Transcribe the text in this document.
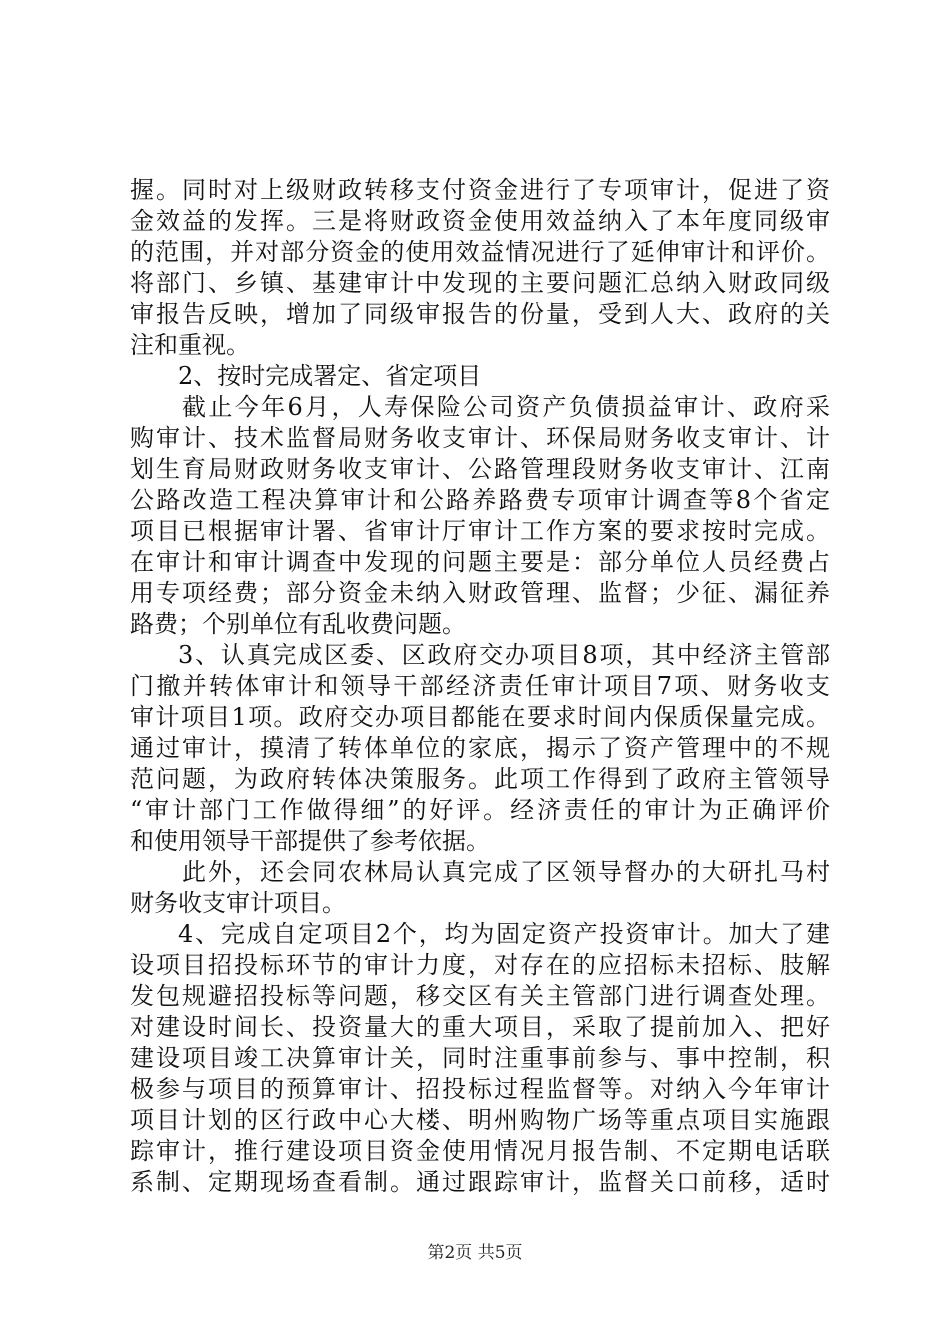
握。同时对上级财政转移支付资金进行了专项审计，促进了资
金效益的发挥。三是将财政资金使用效益纳入了本年度同级审
的范围，并对部分资金的使用效益情况进行了延伸审计和评价。
将部门、乡镇、基建审计中发现的主要问题汇总纳入财政同级
审报告反映，增加了同级审报告的份量，受到人大、政府的关
注和重视。
2、按时完成署定、省定项目
截止今年6月，人寿保险公司资产负债损益审计、政府采
购审计、技术监督局财务收支审计、环保局财务收支审计、计
划生育局财政财务收支审计、公路管理段财务收支审计、江南
公路改造工程决算审计和公路养路费专项审计调查等8个省定
项目已根据审计署、省审计厅审计工作方案的要求按时完成。
在审计和审计调查中发现的问题主要是：部分单位人员经费占
用专项经费；部分资金未纳入财政管理、监督；少征、漏征养
路费；个别单位有乱收费问题。
3、认真完成区委、区政府交办项目8项，其中经济主管部
门撤并转体审计和领导干部经济责任审计项目7项、财务收支
审计项目1项。政府交办项目都能在要求时间内保质保量完成。
通过审计，摸清了转体单位的家底，揭示了资产管理中的不规
范问题，为政府转体决策服务。此项工作得到了政府主管领导
“审计部门工作做得细”的好评。经济责任的审计为正确评价
和使用领导干部提供了参考依据。
此外，还会同农林局认真完成了区领导督办的大研扎马村
财务收支审计项目。
4、完成自定项目2个，均为固定资产投资审计。加大了建
设项目招投标环节的审计力度，对存在的应招标未招标、肢解
发包规避招投标等问题，移交区有关主管部门进行调查处理。
对建设时间长、投资量大的重大项目，采取了提前加入、把好
建设项目竣工决算审计关，同时注重事前参与、事中控制，积
极参与项目的预算审计、招投标过程监督等。对纳入今年审计
项目计划的区行政中心大楼、明州购物广场等重点项目实施跟
踪审计，推行建设项目资金使用情况月报告制、不定期电话联
系制、定期现场查看制。通过跟踪审计，监督关口前移，适时
第2页 共5页
